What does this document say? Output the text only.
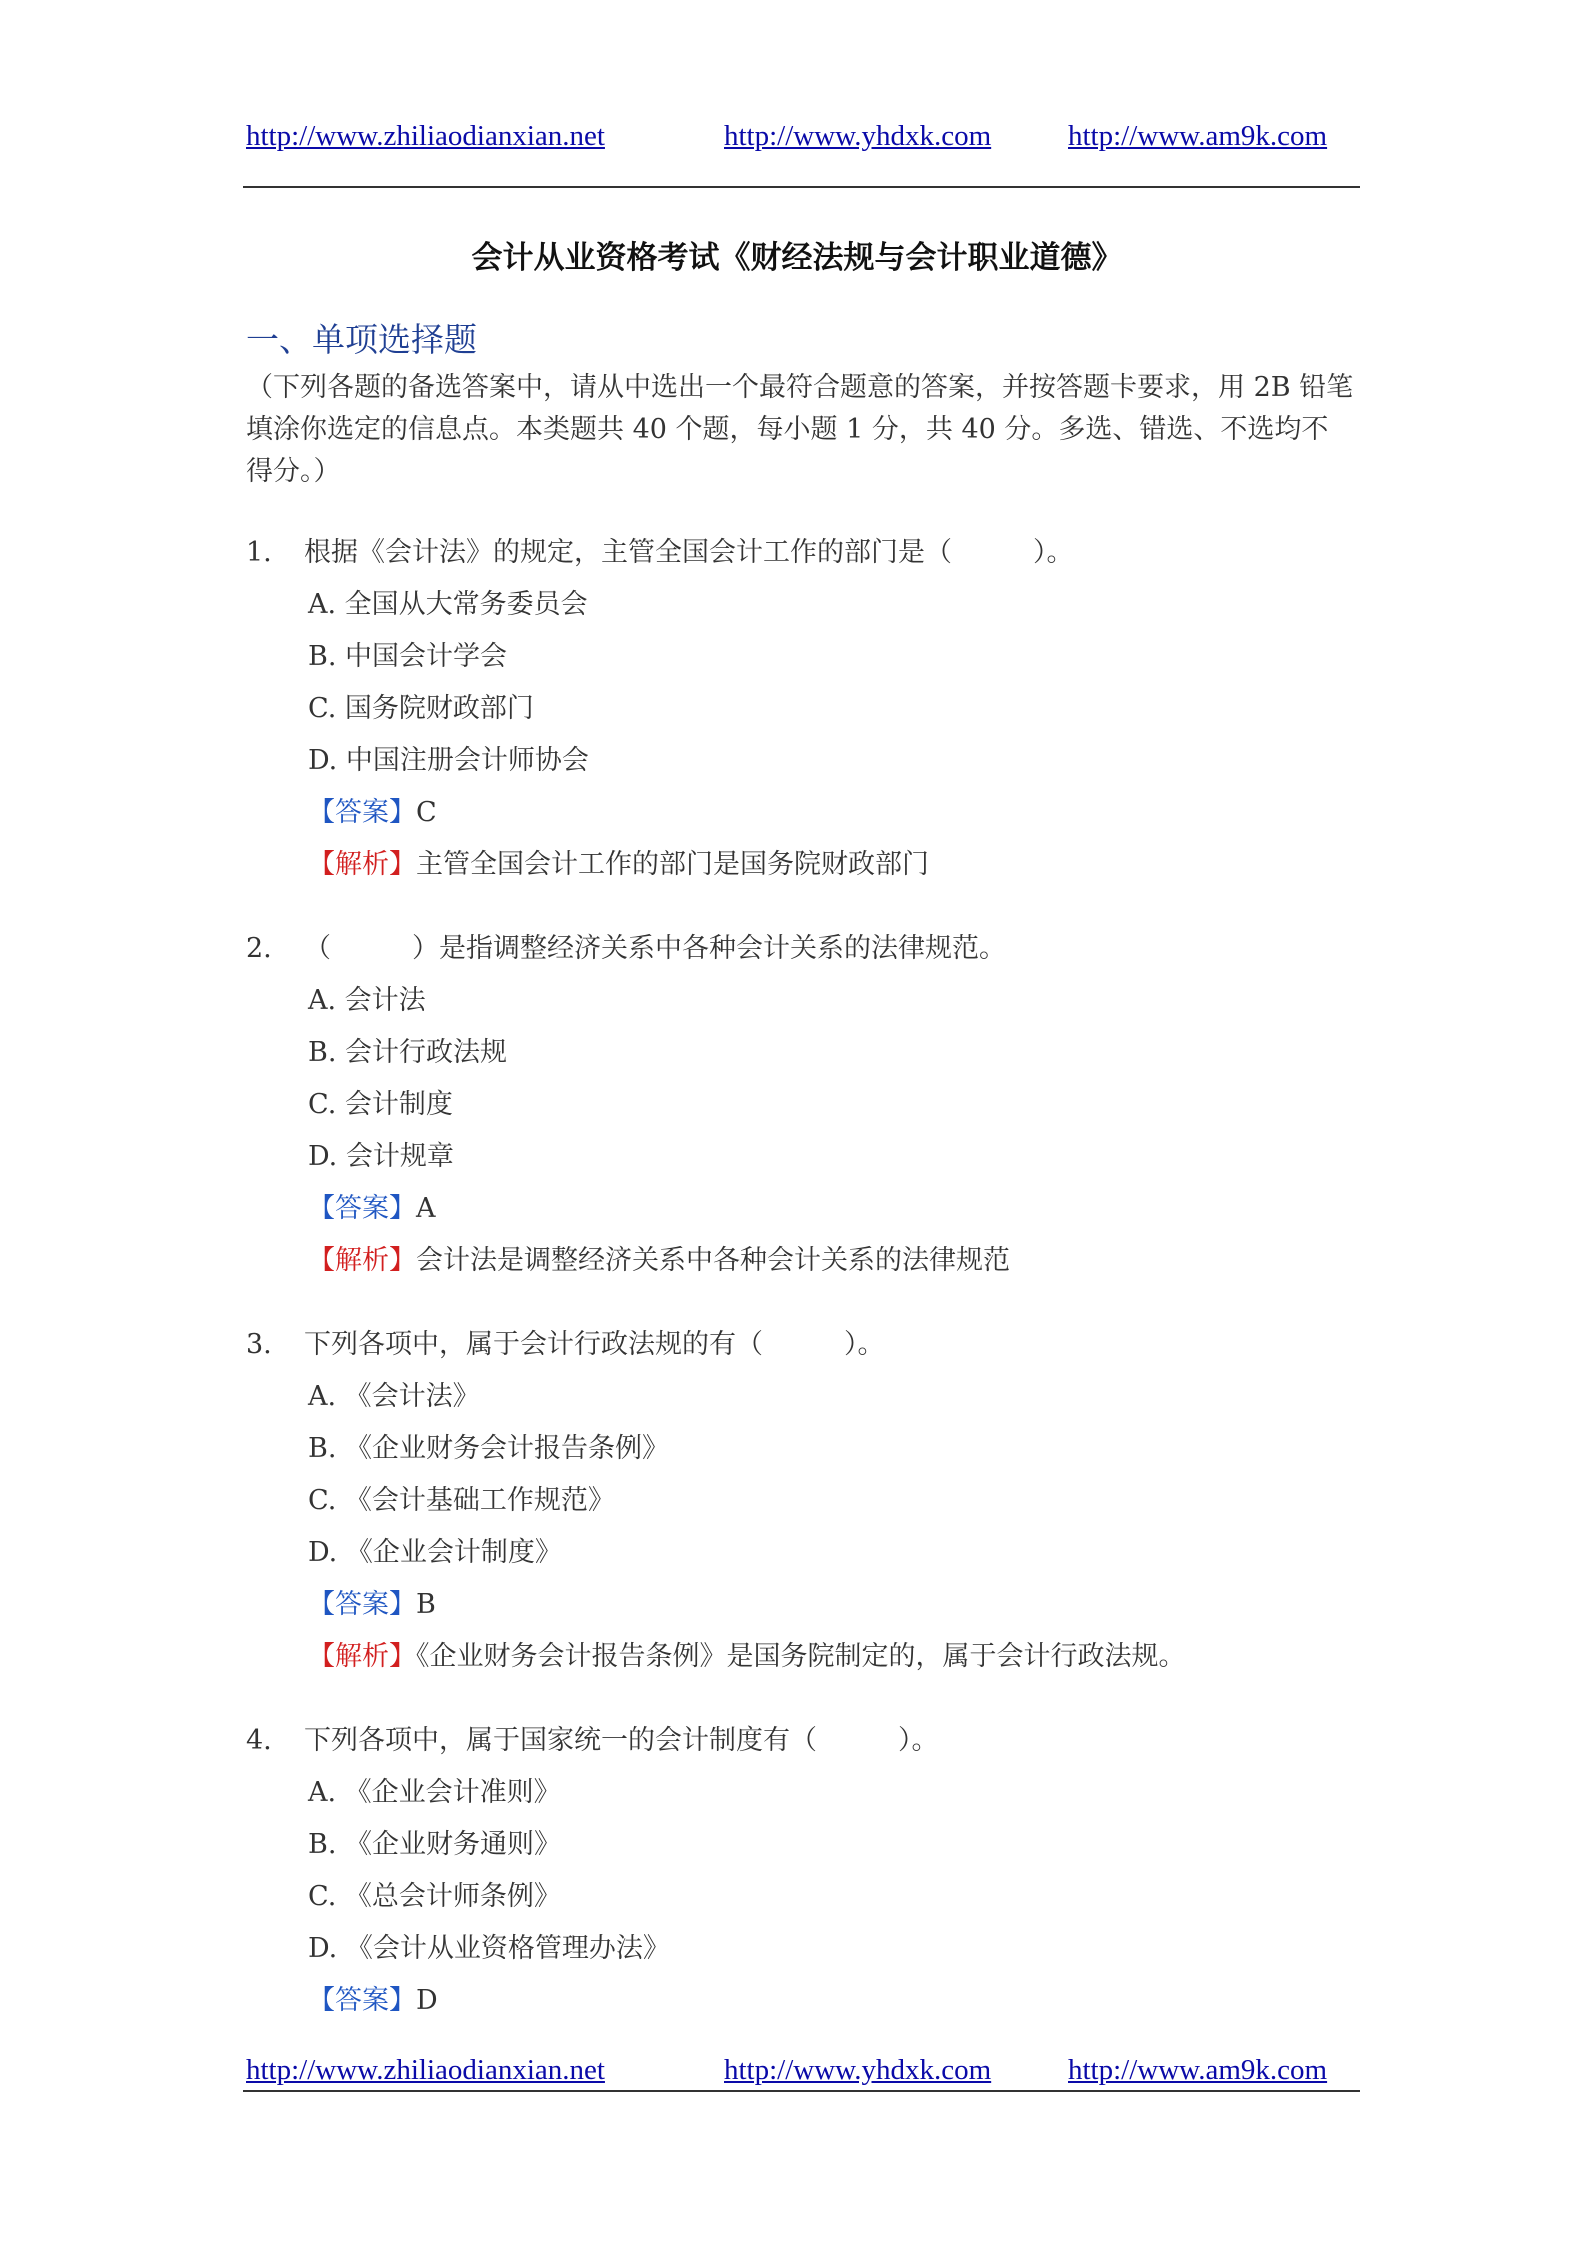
http://www.zhiliaodianxian.net	http://www.yhdxk.com	http://www.am9k.com
会计从业资格考试《财经法规与会计职业道德》
一、单项选择题
（下列各题的备选答案中，请从中选出一个最符合题意的答案，并按答题卡要求，用 2B 铅笔填涂你选定的信息点。本类题共 40 个题，每小题 1 分，共 40 分。多选、错选、不选均不得分。）
1.	根据《会计法》的规定，主管全国会计工作的部门是（　　　）。
A. 全国从大常务委员会
B. 中国会计学会
C. 国务院财政部门
D. 中国注册会计师协会
【答案】C
【解析】主管全国会计工作的部门是国务院财政部门
2.	（　　　）是指调整经济关系中各种会计关系的法律规范。
A. 会计法
B. 会计行政法规
C. 会计制度
D. 会计规章
【答案】A
【解析】会计法是调整经济关系中各种会计关系的法律规范
3.	下列各项中，属于会计行政法规的有（　　　）。
A. 《会计法》
B. 《企业财务会计报告条例》
C. 《会计基础工作规范》
D. 《企业会计制度》
【答案】B
【解析】《企业财务会计报告条例》是国务院制定的，属于会计行政法规。
4.	下列各项中，属于国家统一的会计制度有（　　　）。
A. 《企业会计准则》
B. 《企业财务通则》
C. 《总会计师条例》
D. 《会计从业资格管理办法》
【答案】D
http://www.zhiliaodianxian.net	http://www.yhdxk.com	http://www.am9k.com
